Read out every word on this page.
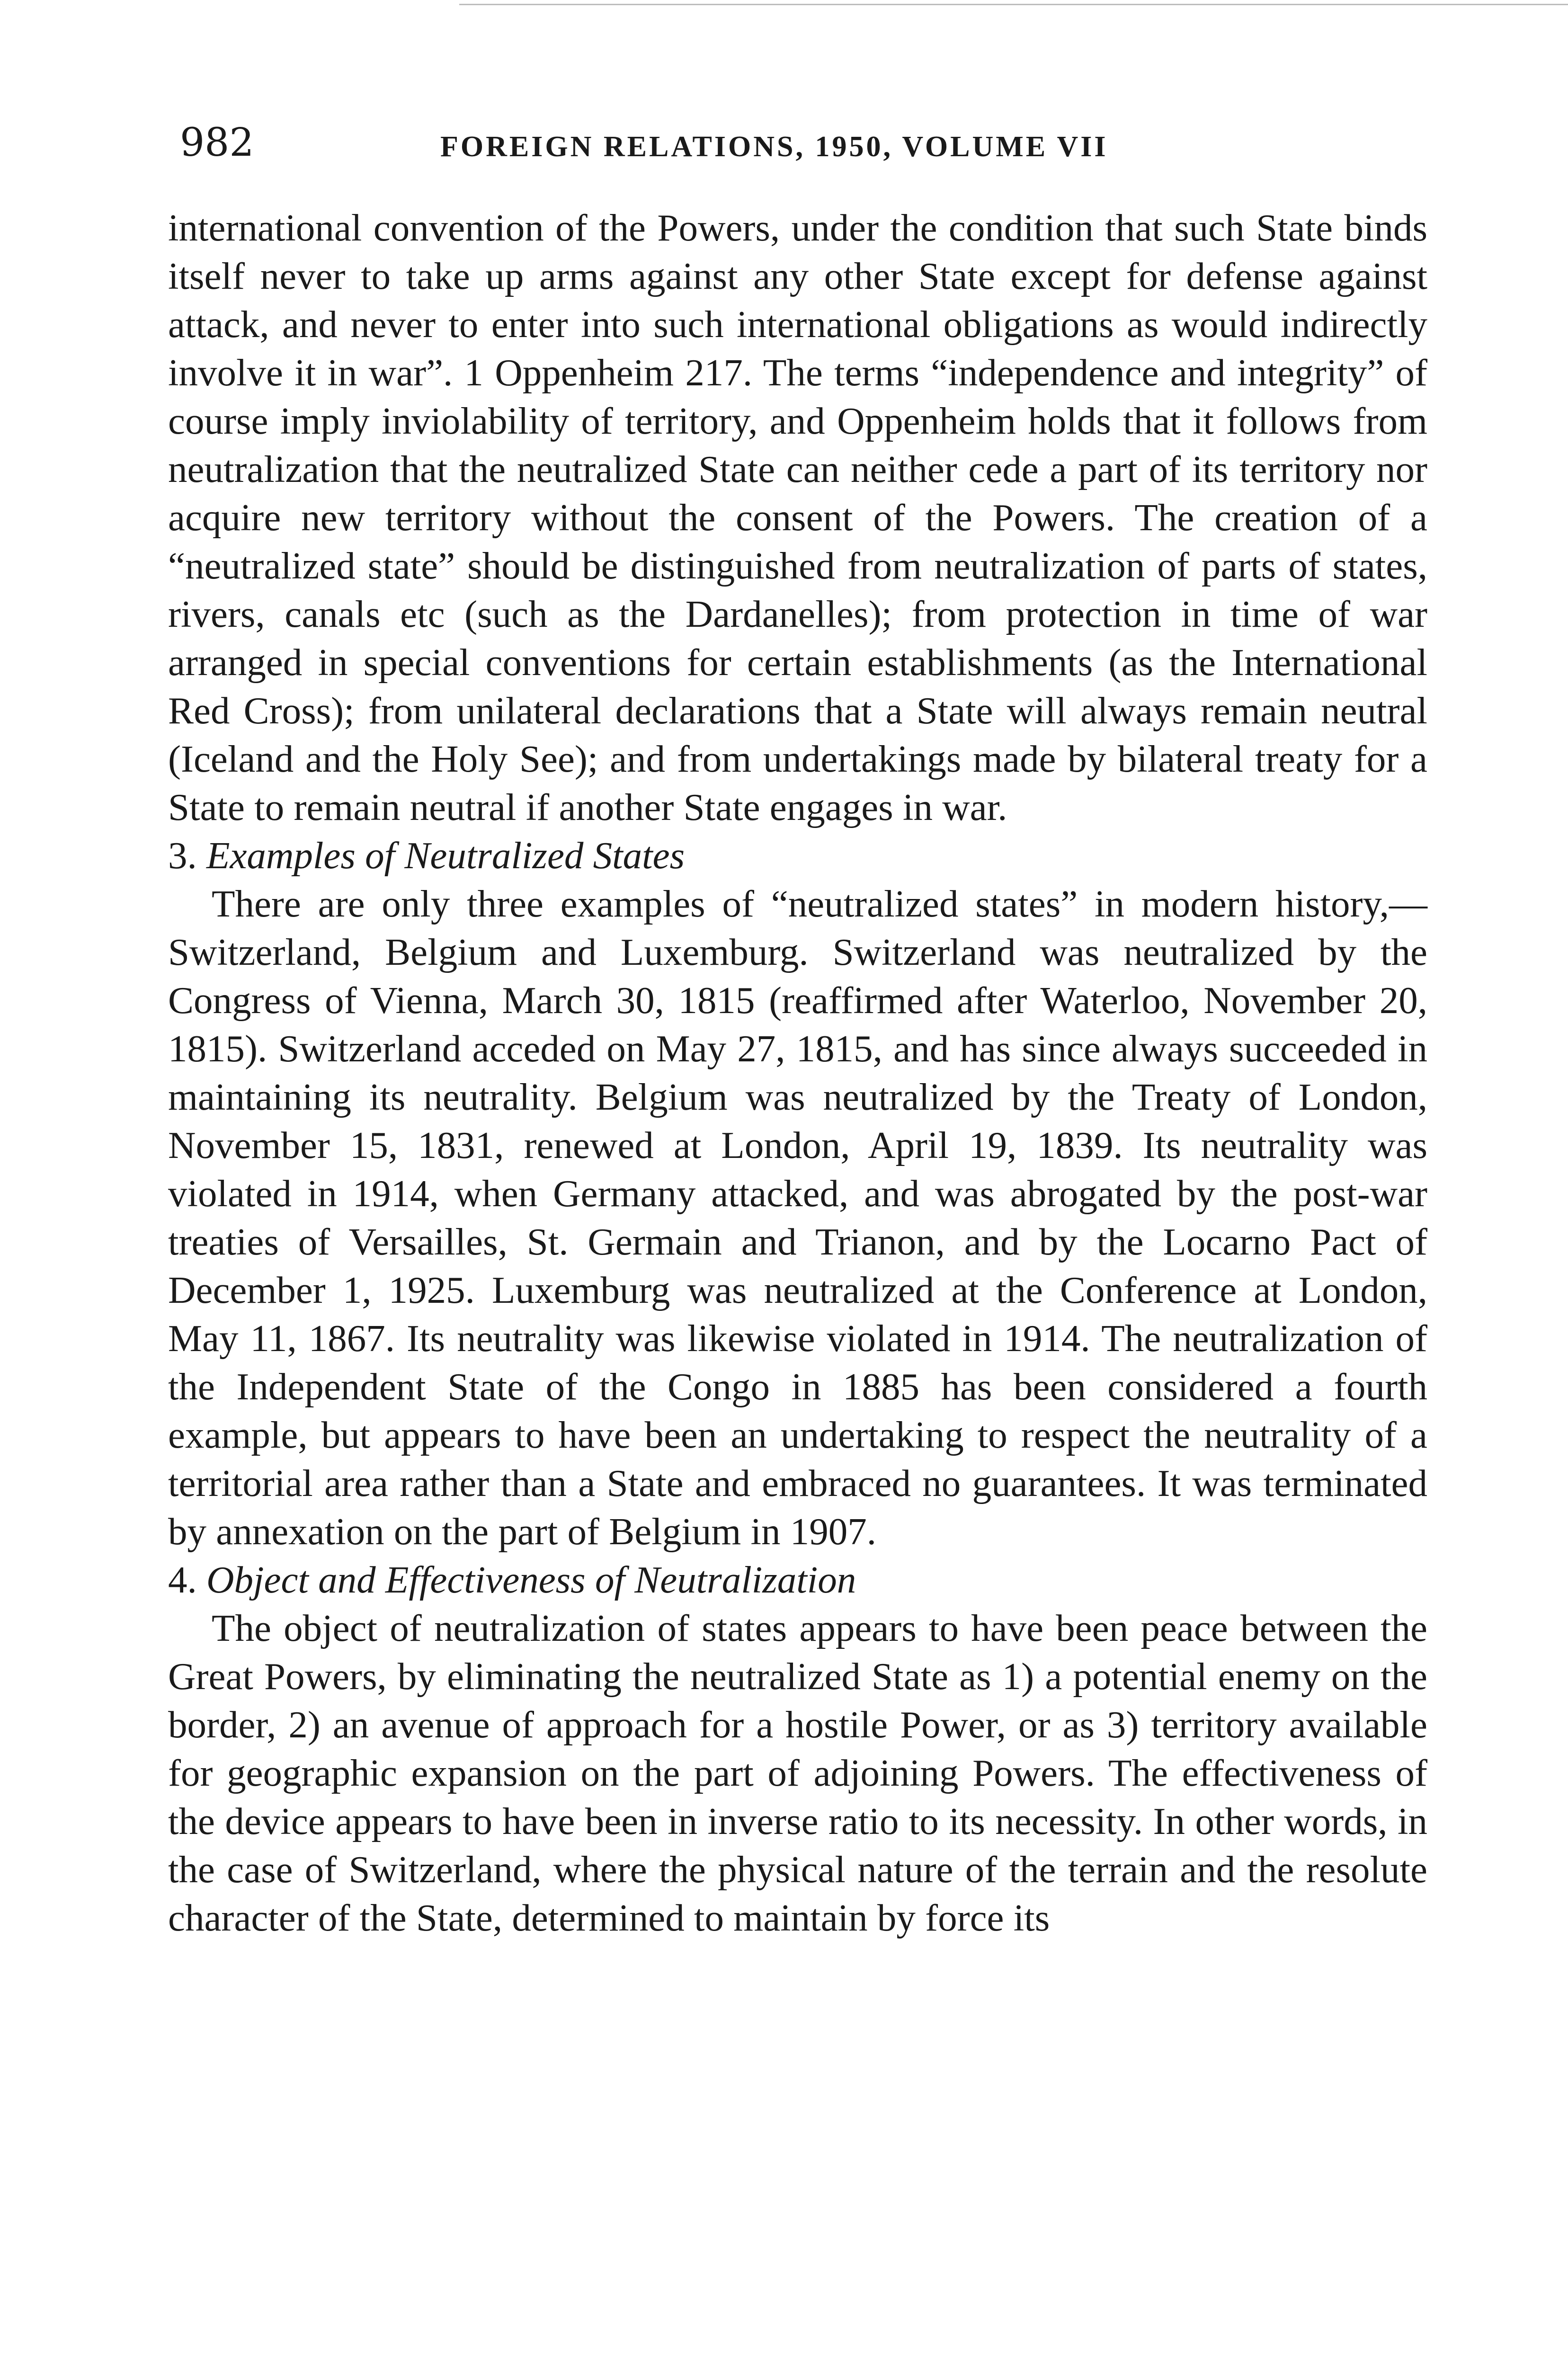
982	FOREIGN RELATIONS, 1950, VOLUME VII

international convention of the Powers, under the condition that such State binds itself never to take up arms against any other State except for defense against attack, and never to enter into such international obligations as would indirectly involve it in war”. 1 Oppenheim 217. The terms “independence and integrity” of course imply inviolability of territory, and Oppenheim holds that it follows from neutralization that the neutralized State can neither cede a part of its territory nor acquire new territory without the consent of the Powers. The creation of a “neutralized state” should be distinguished from neutralization of parts of states, rivers, canals etc (such as the Dardanelles); from protection in time of war arranged in special conventions for certain establishments (as the International Red Cross); from unilateral declarations that a State will always remain neutral (Iceland and the Holy See); and from undertakings made by bilateral treaty for a State to remain neutral if another State engages in war.

3. Examples of Neutralized States

There are only three examples of “neutralized states” in modern history,—Switzerland, Belgium and Luxemburg. Switzerland was neutralized by the Congress of Vienna, March 30, 1815 (reaffirmed after Waterloo, November 20, 1815). Switzerland acceded on May 27, 1815, and has since always succeeded in maintaining its neutrality. Belgium was neutralized by the Treaty of London, November 15, 1831, renewed at London, April 19, 1839. Its neutrality was violated in 1914, when Germany attacked, and was abrogated by the post-war treaties of Versailles, St. Germain and Trianon, and by the Locarno Pact of December 1, 1925. Luxemburg was neutralized at the Conference at London, May 11, 1867. Its neutrality was likewise violated in 1914. The neutralization of the Independent State of the Congo in 1885 has been considered a fourth example, but appears to have been an undertaking to respect the neutrality of a territorial area rather than a State and embraced no guarantees. It was terminated by annexation on the part of Belgium in 1907.

4. Object and Effectiveness of Neutralization

The object of neutralization of states appears to have been peace between the Great Powers, by eliminating the neutralized State as 1) a potential enemy on the border, 2) an avenue of approach for a hostile Power, or as 3) territory available for geographic expansion on the part of adjoining Powers. The effectiveness of the device appears to have been in inverse ratio to its necessity. In other words, in the case of Switzerland, where the physical nature of the terrain and the resolute character of the State, determined to maintain by force its
